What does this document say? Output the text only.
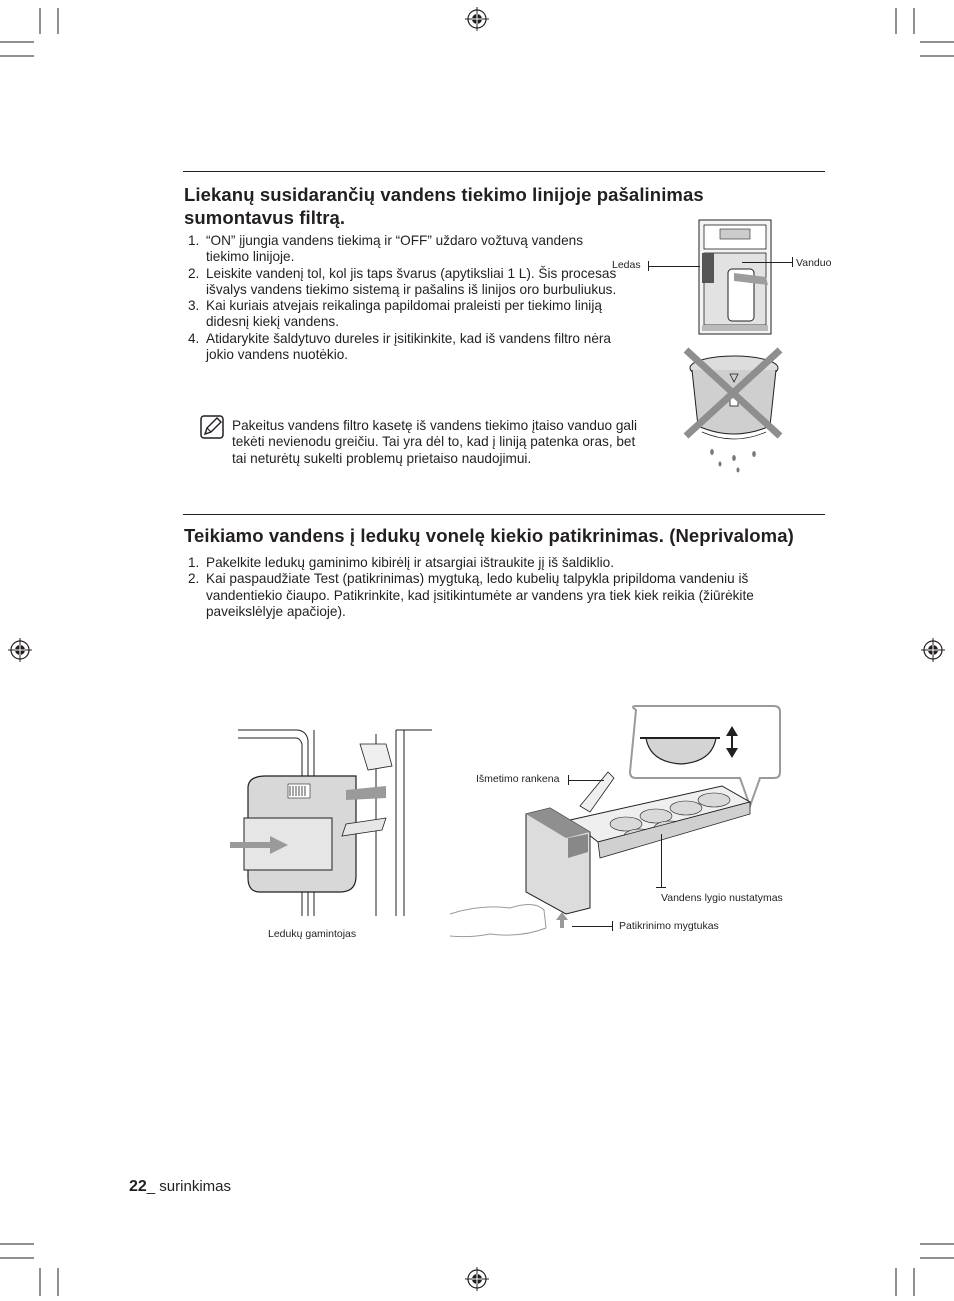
Liekanų susidarančių vandens tiekimo linijoje pašalinimas
sumontavus filtrą.
1. “ON” įjungia vandens tiekimą ir “OFF” uždaro vožtuvą vandens tiekimo linijoje.
2. Leiskite vandenį tol, kol jis taps švarus (apytiksliai 1 L). Šis procesas išvalys vandens tiekimo sistemą ir pašalins iš linijos oro burbuliukus.
3. Kai kuriais atvejais reikalinga papildomai praleisti per tiekimo liniją didesnį kiekį vandens.
4. Atidarykite šaldytuvo dureles ir įsitikinkite, kad iš vandens filtro nėra jokio vandens nuotėkio.
Pakeitus vandens filtro kasetę iš vandens tiekimo įtaiso vanduo gali tekėti nevienodu greičiu. Tai yra dėl to, kad į liniją patenka oras, bet tai neturėtų sukelti problemų prietaiso naudojimui.
Ledas	Vanduo
Teikiamo vandens į ledukų vonelę kiekio patikrinimas. (Neprivaloma)
1. Pakelkite ledukų gaminimo kibirėlį ir atsargiai ištraukite jį iš šaldiklio.
2. Kai paspaudžiate Test (patikrinimas) mygtuką, ledo kubelių talpykla pripildoma vandeniu iš vandentiekio čiaupo. Patikrinkite, kad įsitikintumėte ar vandens yra tiek kiek reikia (žiūrėkite paveikslėlyje apačioje).
Ledukų gamintojas
Išmetimo rankena
Vandens lygio nustatymas
Patikrinimo mygtukas
22_ surinkimas
